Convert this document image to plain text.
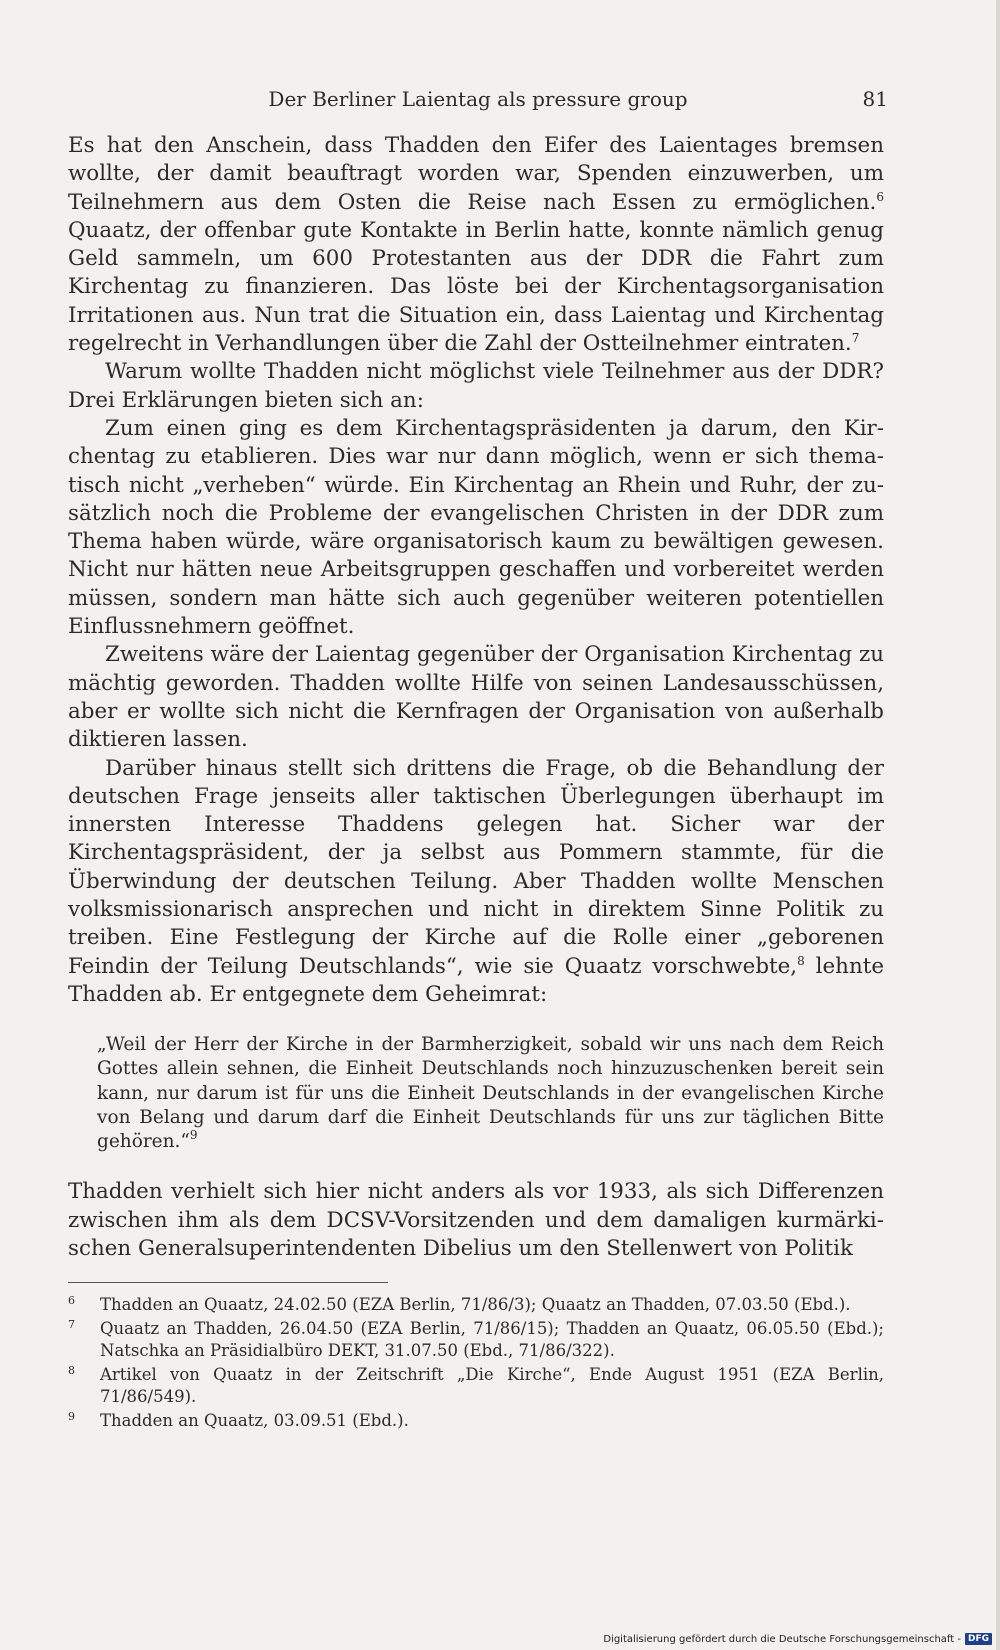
Der Berliner Laientag als pressure group	81

Es hat den Anschein, dass Thadden den Eifer des Laientages bremsen wollte, der damit beauftragt worden war, Spenden einzuwerben, um Teilnehmern aus dem Osten die Reise nach Essen zu ermöglichen.$^6$ Quaatz, der offenbar gute Kontakte in Berlin hatte, konnte nämlich genug Geld sammeln, um 600 Protestanten aus der DDR die Fahrt zum Kirchentag zu finanzieren. Das löste bei der Kirchentagsorganisation Irritationen aus. Nun trat die Situation ein, dass Laientag und Kirchentag regelrecht in Verhandlungen über die Zahl der Ostteilnehmer eintraten.$^7$

Warum wollte Thadden nicht möglichst viele Teilnehmer aus der DDR? Drei Erklärungen bieten sich an:

Zum einen ging es dem Kirchentagspräsidenten ja darum, den Kirchentag zu etablieren. Dies war nur dann möglich, wenn er sich thematisch nicht „verheben“ würde. Ein Kirchentag an Rhein und Ruhr, der zusätzlich noch die Probleme der evangelischen Christen in der DDR zum Thema haben würde, wäre organisatorisch kaum zu bewältigen gewesen. Nicht nur hätten neue Arbeitsgruppen geschaffen und vorbereitet werden müssen, sondern man hätte sich auch gegenüber weiteren potentiellen Einflussnehmern geöffnet.

Zweitens wäre der Laientag gegenüber der Organisation Kirchentag zu mächtig geworden. Thadden wollte Hilfe von seinen Landesausschüssen, aber er wollte sich nicht die Kernfragen der Organisation von außerhalb diktieren lassen.

Darüber hinaus stellt sich drittens die Frage, ob die Behandlung der deutschen Frage jenseits aller taktischen Überlegungen überhaupt im innersten Interesse Thaddens gelegen hat. Sicher war der Kirchentagspräsident, der ja selbst aus Pommern stammte, für die Überwindung der deutschen Teilung. Aber Thadden wollte Menschen volksmissionarisch ansprechen und nicht in direktem Sinne Politik zu treiben. Eine Festlegung der Kirche auf die Rolle einer „geborenen Feindin der Teilung Deutschlands“, wie sie Quaatz vorschwebte,$^8$ lehnte Thadden ab. Er entgegnete dem Geheimrat:

„Weil der Herr der Kirche in der Barmherzigkeit, sobald wir uns nach dem Reich Gottes allein sehnen, die Einheit Deutschlands noch hinzuzuschenken bereit sein kann, nur darum ist für uns die Einheit Deutschlands in der evangelischen Kirche von Belang und darum darf die Einheit Deutschlands für uns zur täglichen Bitte gehören.“$^9$

Thadden verhielt sich hier nicht anders als vor 1933, als sich Differenzen zwischen ihm als dem DCSV-Vorsitzenden und dem damaligen kurmärkischen Generalsuperintendenten Dibelius um den Stellenwert von Politik

6 Thadden an Quaatz, 24.02.50 (EZA Berlin, 71/86/3); Quaatz an Thadden, 07.03.50 (Ebd.).
7 Quaatz an Thadden, 26.04.50 (EZA Berlin, 71/86/15); Thadden an Quaatz, 06.05.50 (Ebd.); Natschka an Präsidialbüro DEKT, 31.07.50 (Ebd., 71/86/322).
8 Artikel von Quaatz in der Zeitschrift „Die Kirche“, Ende August 1951 (EZA Berlin, 71/86/549).
9 Thadden an Quaatz, 03.09.51 (Ebd.).
Digitalisierung gefördert durch die Deutsche Forschungsgemeinschaft - DFG
